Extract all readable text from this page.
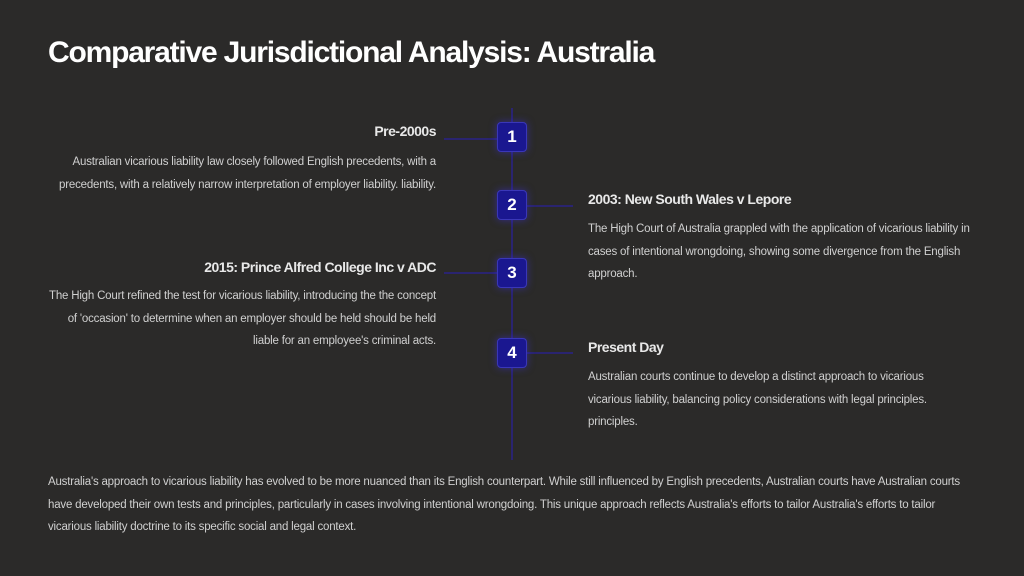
Comparative Jurisdictional Analysis: Australia
1
2
3
4
Pre-2000s
Australian vicarious liability law closely followed English precedents, with a precedents, with a relatively narrow interpretation of employer liability. liability.
2003: New South Wales v Lepore
The High Court of Australia grappled with the application of vicarious liability in cases of intentional wrongdoing, showing some divergence from the English approach.
2015: Prince Alfred College Inc v ADC
The High Court refined the test for vicarious liability, introducing the the concept of 'occasion' to determine when an employer should be held should be held liable for an employee's criminal acts.	Present Day
Australian courts continue to develop a distinct approach to vicarious vicarious liability, balancing policy considerations with legal principles. principles.
Australia's approach to vicarious liability has evolved to be more nuanced than its English counterpart. While still influenced by English precedents, Australian courts have Australian courts have developed their own tests and principles, particularly in cases involving intentional wrongdoing. This unique approach reflects Australia's efforts to tailor Australia's efforts to tailor vicarious liability doctrine to its specific social and legal context.
